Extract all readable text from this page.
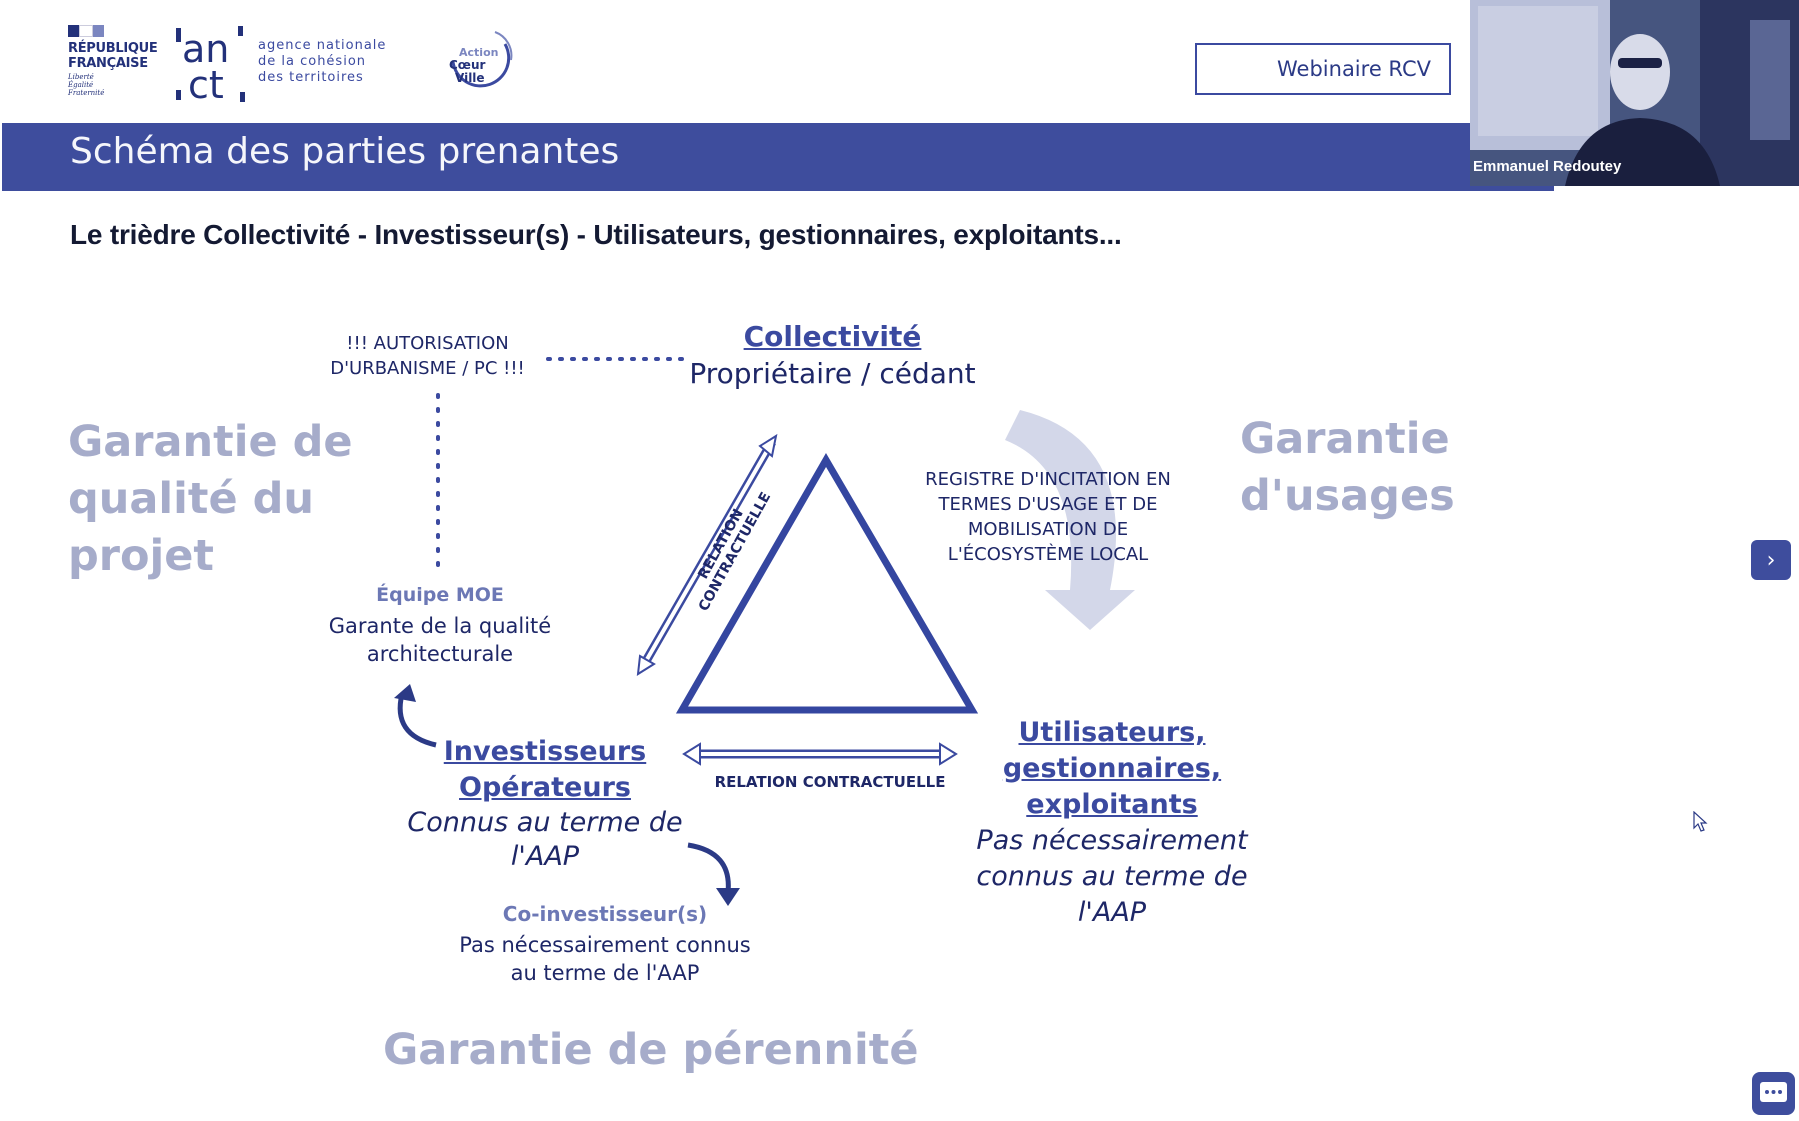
RÉPUBLIQUE
FRANÇAISE
Liberté
Égalité
Fraternité
an
ct
agence nationale
de la cohésion
des territoires
Action
Cœur
Ville	Webinaire RCV
Schéma des parties prenantes
Le trièdre Collectivité - Investisseur(s) - Utilisateurs, gestionnaires, exploitants...
Emmanuel Redoutey
Garantie de qualité du projet
Garantie d'usages
Garantie de pérennité
Collectivité
Propriétaire / cédant
!!! AUTORISATION D'URBANISME / PC !!!
REGISTRE D'INCITATION EN TERMES D'USAGE ET DE MOBILISATION DE L'ÉCOSYSTÈME LOCAL
Équipe MOE
Garante de la qualité architecturale
Investisseurs Opérateurs
Connus au terme de l'AAP
Co-investisseur(s)
Pas nécessairement connus au terme de l'AAP
Utilisateurs, gestionnaires, exploitants
Pas nécessairement connus au terme de l'AAP
RELATION CONTRACTUELLE
RELATION CONTRACTUELLE	›
